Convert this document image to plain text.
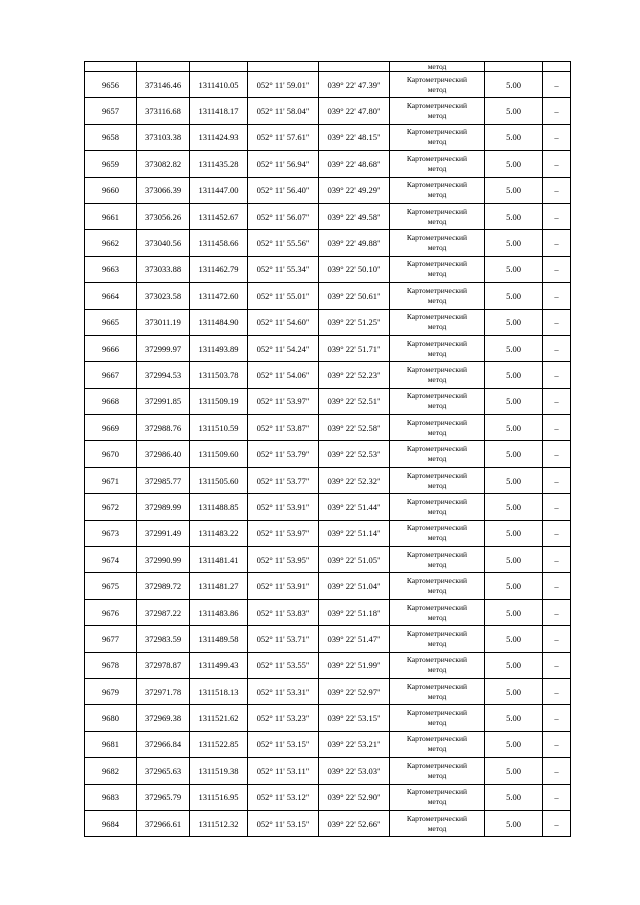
					метод		
9656	373146.46	1311410.05	052° 11' 59.01"	039° 22' 47.39"	Картометрический
метод	5.00	–
9657	373116.68	1311418.17	052° 11' 58.04"	039° 22' 47.80"	Картометрический
метод	5.00	–
9658	373103.38	1311424.93	052° 11' 57.61"	039° 22' 48.15"	Картометрический
метод	5.00	–
9659	373082.82	1311435.28	052° 11' 56.94"	039° 22' 48.68"	Картометрический
метод	5.00	–
9660	373066.39	1311447.00	052° 11' 56.40"	039° 22' 49.29"	Картометрический
метод	5.00	–
9661	373056.26	1311452.67	052° 11' 56.07"	039° 22' 49.58"	Картометрический
метод	5.00	–
9662	373040.56	1311458.66	052° 11' 55.56"	039° 22' 49.88"	Картометрический
метод	5.00	–
9663	373033.88	1311462.79	052° 11' 55.34"	039° 22' 50.10"	Картометрический
метод	5.00	–
9664	373023.58	1311472.60	052° 11' 55.01"	039° 22' 50.61"	Картометрический
метод	5.00	–
9665	373011.19	1311484.90	052° 11' 54.60"	039° 22' 51.25"	Картометрический
метод	5.00	–
9666	372999.97	1311493.89	052° 11' 54.24"	039° 22' 51.71"	Картометрический
метод	5.00	–
9667	372994.53	1311503.78	052° 11' 54.06"	039° 22' 52.23"	Картометрический
метод	5.00	–
9668	372991.85	1311509.19	052° 11' 53.97"	039° 22' 52.51"	Картометрический
метод	5.00	–
9669	372988.76	1311510.59	052° 11' 53.87"	039° 22' 52.58"	Картометрический
метод	5.00	–
9670	372986.40	1311509.60	052° 11' 53.79"	039° 22' 52.53"	Картометрический
метод	5.00	–
9671	372985.77	1311505.60	052° 11' 53.77"	039° 22' 52.32"	Картометрический
метод	5.00	–
9672	372989.99	1311488.85	052° 11' 53.91"	039° 22' 51.44"	Картометрический
метод	5.00	–
9673	372991.49	1311483.22	052° 11' 53.97"	039° 22' 51.14"	Картометрический
метод	5.00	–
9674	372990.99	1311481.41	052° 11' 53.95"	039° 22' 51.05"	Картометрический
метод	5.00	–
9675	372989.72	1311481.27	052° 11' 53.91"	039° 22' 51.04"	Картометрический
метод	5.00	–
9676	372987.22	1311483.86	052° 11' 53.83"	039° 22' 51.18"	Картометрический
метод	5.00	–
9677	372983.59	1311489.58	052° 11' 53.71"	039° 22' 51.47"	Картометрический
метод	5.00	–
9678	372978.87	1311499.43	052° 11' 53.55"	039° 22' 51.99"	Картометрический
метод	5.00	–
9679	372971.78	1311518.13	052° 11' 53.31"	039° 22' 52.97"	Картометрический
метод	5.00	–
9680	372969.38	1311521.62	052° 11' 53.23"	039° 22' 53.15"	Картометрический
метод	5.00	–
9681	372966.84	1311522.85	052° 11' 53.15"	039° 22' 53.21"	Картометрический
метод	5.00	–
9682	372965.63	1311519.38	052° 11' 53.11"	039° 22' 53.03"	Картометрический
метод	5.00	–
9683	372965.79	1311516.95	052° 11' 53.12"	039° 22' 52.90"	Картометрический
метод	5.00	–
9684	372966.61	1311512.32	052° 11' 53.15"	039° 22' 52.66"	Картометрический
метод	5.00	–
